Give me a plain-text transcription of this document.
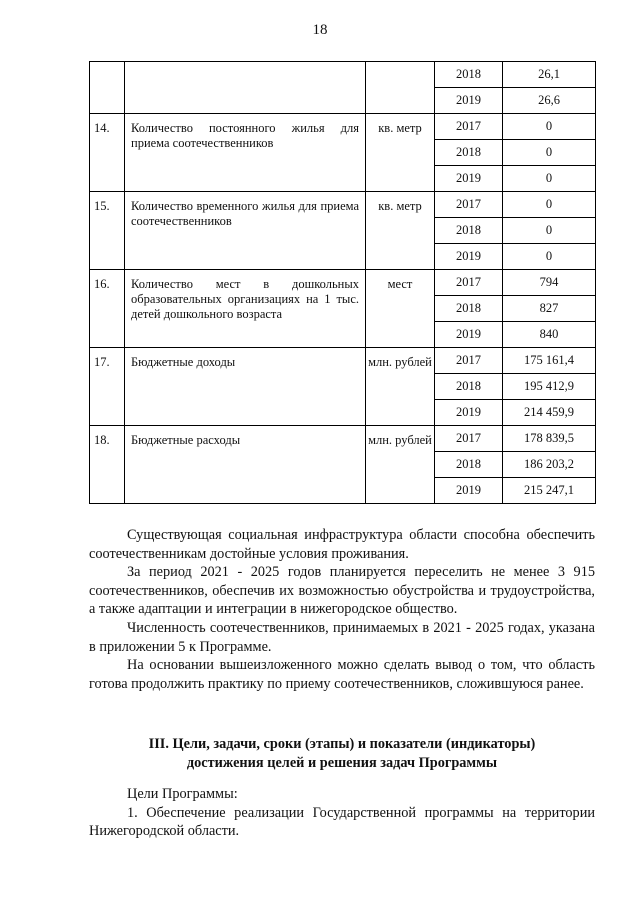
18
			2018	26,1
			2019	26,6
14.	Количество постоянного жилья для приема соотечественников	кв. метр	2017	0
			2018	0
			2019	0
15.	Количество временного жилья для приема соотечественников	кв. метр	2017	0
			2018	0
			2019	0
16.	Количество мест в дошкольных образовательных организациях на 1 тыс. детей дошкольного возраста	мест	2017	794
			2018	827
			2019	840
17.	Бюджетные доходы	млн. рублей	2017	175 161,4
			2018	195 412,9
			2019	214 459,9
18.	Бюджетные расходы	млн. рублей	2017	178 839,5
			2018	186 203,2
			2019	215 247,1

Существующая социальная инфраструктура области способна обеспечить соотечественникам достойные условия проживания.

За период 2021 - 2025 годов планируется переселить не менее 3 915 соотечественников, обеспечив их возможностью обустройства и трудоустройства, а также адаптации и интеграции в нижегородское общество.

Численность соотечественников, принимаемых в 2021 - 2025 годах, указана в приложении 5 к Программе.

На основании вышеизложенного можно сделать вывод о том, что область готова продолжить практику по приему соотечественников, сложившуюся ранее.

III. Цели, задачи, сроки (этапы) и показатели (индикаторы)
достижения целей и решения задач Программы

Цели Программы:

1. Обеспечение реализации Государственной программы на территории Нижегородской области.
